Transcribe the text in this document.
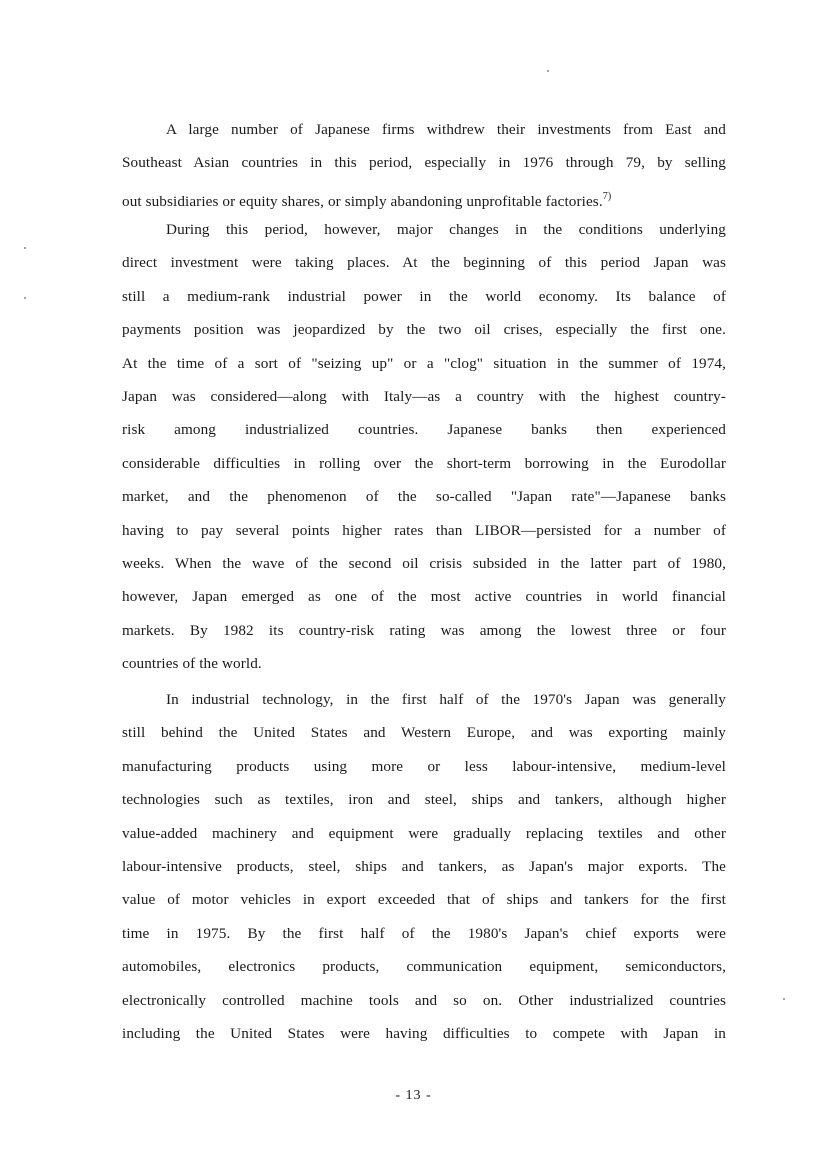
A large number of Japanese firms withdrew their investments from East and
Southeast Asian countries in this period, especially in 1976 through 79, by selling
out subsidiaries or equity shares, or simply abandoning unprofitable factories.$^{7)}$
During this period, however, major changes in the conditions underlying
direct investment were taking places. At the beginning of this period Japan was
still a medium-rank industrial power in the world economy. Its balance of
payments position was jeopardized by the two oil crises, especially the first one.
At the time of a sort of "seizing up" or a "clog" situation in the summer of 1974,
Japan was considered—along with Italy—as a country with the highest country-
risk among industrialized countries. Japanese banks then experienced
considerable difficulties in rolling over the short-term borrowing in the Eurodollar
market, and the phenomenon of the so-called "Japan rate"—Japanese banks
having to pay several points higher rates than LIBOR—persisted for a number of
weeks. When the wave of the second oil crisis subsided in the latter part of 1980,
however, Japan emerged as one of the most active countries in world financial
markets. By 1982 its country-risk rating was among the lowest three or four
countries of the world.
In industrial technology, in the first half of the 1970's Japan was generally
still behind the United States and Western Europe, and was exporting mainly
manufacturing products using more or less labour-intensive, medium-level
technologies such as textiles, iron and steel, ships and tankers, although higher
value-added machinery and equipment were gradually replacing textiles and other
labour-intensive products, steel, ships and tankers, as Japan's major exports. The
value of motor vehicles in export exceeded that of ships and tankers for the first
time in 1975. By the first half of the 1980's Japan's chief exports were
automobiles, electronics products, communication equipment, semiconductors,
electronically controlled machine tools and so on. Other industrialized countries
including the United States were having difficulties to compete with Japan in
- 13 -
